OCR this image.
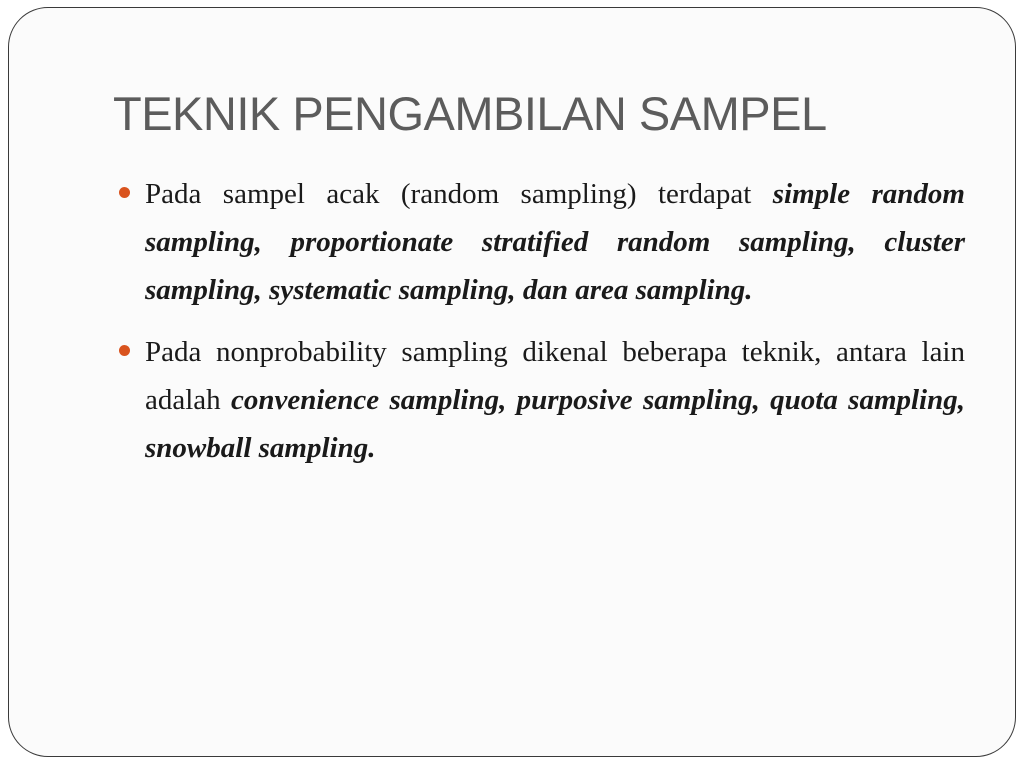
TEKNIK PENGAMBILAN SAMPEL

Pada sampel acak (random sampling) terdapat simple random sampling, proportionate stratified random sampling, cluster sampling, systematic sampling, dan area sampling.

Pada nonprobability sampling dikenal beberapa teknik, antara lain adalah convenience sampling, purposive sampling, quota sampling, snowball sampling.
